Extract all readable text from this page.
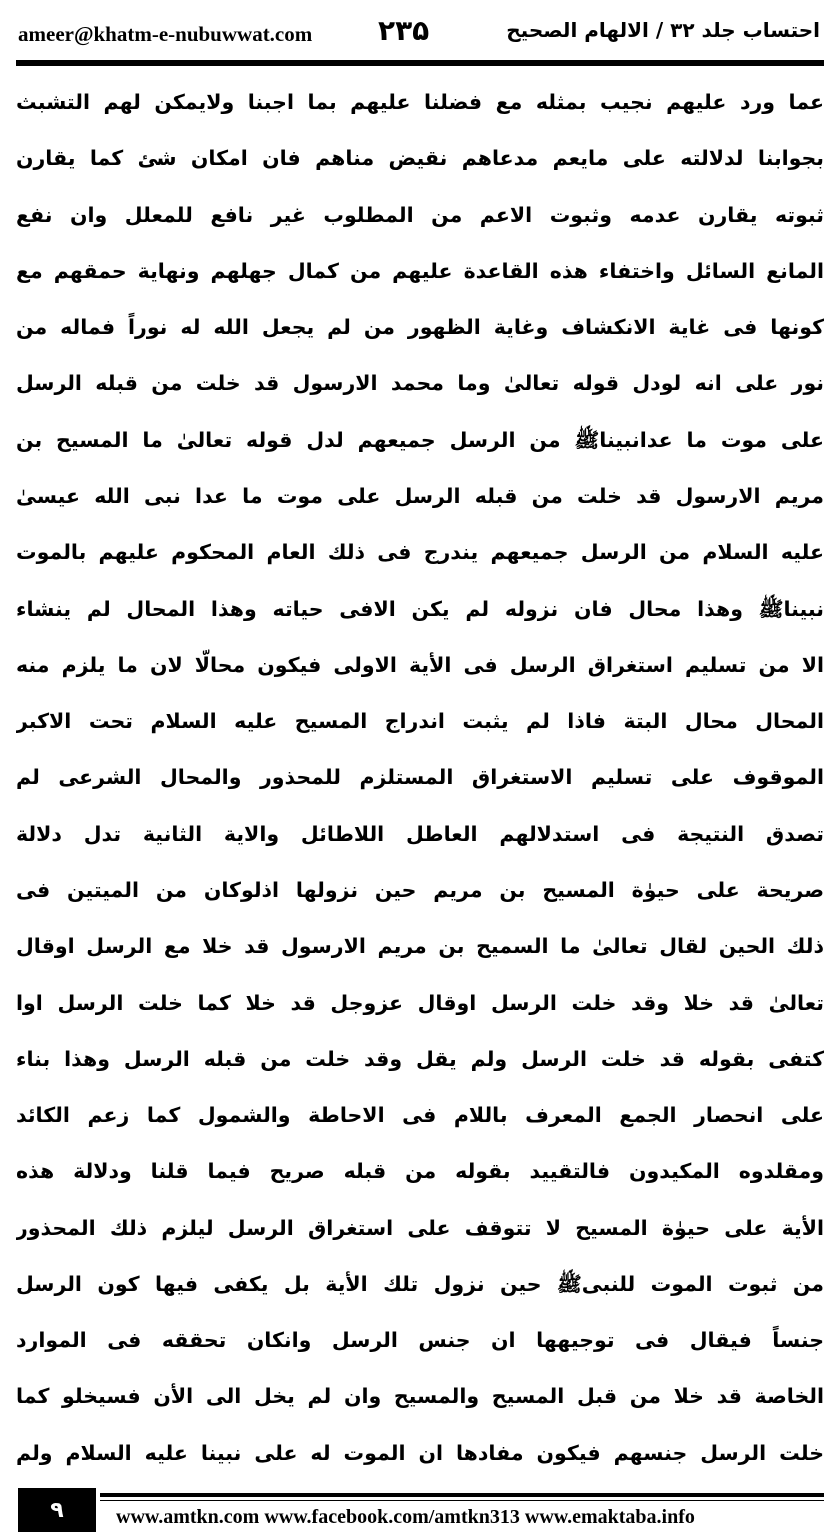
ameer@khatm-e-nubuwwat.com ۲۳۵	احتساب جلد ۳۲ / الالهام الصحیح
عما ورد عليهم نجيب بمثله مع فضلنا عليهم بما اجبنا ولايمكن لهم التشبث
بجوابنا لدلالته على مايعم مدعاهم نقيض مناهم فان امكان شئ كما يقارن
ثبوته يقارن عدمه وثبوت الاعم من المطلوب غير نافع للمعلل وان نفع
المانع السائل واختفاء هذه القاعدة عليهم من كمال جهلهم ونهاية حمقهم مع
كونها فى غاية الانكشاف وغاية الظهور من لم يجعل الله له نوراً فماله من
نور على انه لودل قوله تعالىٰ وما محمد الارسول قد خلت من قبله الرسل
على موت ما عدانبيناﷺ من الرسل جميعهم لدل قوله تعالىٰ ما المسيح بن
مريم الارسول قد خلت من قبله الرسل على موت ما عدا نبى الله عيسىٰ
عليه السلام من الرسل جميعهم يندرج فى ذلك العام المحكوم عليهم بالموت
نبيناﷺ وهذا محال فان نزوله لم يكن الافى حياته وهذا المحال لم ينشاء
الا من تسليم استغراق الرسل فى الأية الاولى فيكون محالّا لان ما يلزم منه
المحال محال البتة فاذا لم يثبت اندراج المسيح عليه السلام تحت الاكبر
الموقوف على تسليم الاستغراق المستلزم للمحذور والمحال الشرعى لم
تصدق النتيجة فى استدلالهم العاطل اللاطائل والاية الثانية تدل دلالة
صريحة على حيوٰة المسيح بن مريم حين نزولها اذلوكان من الميتين فى
ذلك الحين لقال تعالىٰ ما السميح بن مريم الارسول قد خلا مع الرسل اوقال
تعالىٰ قد خلا وقد خلت الرسل اوقال عزوجل قد خلا كما خلت الرسل اوا
كتفى بقوله قد خلت الرسل ولم يقل وقد خلت من قبله الرسل وهذا بناء
على انحصار الجمع المعرف باللام فى الاحاطة والشمول كما زعم الكائد
ومقلدوه المكيدون فالتقييد بقوله من قبله صريح فيما قلنا ودلالة هذه
الأية على حيوٰة المسيح لا تتوقف على استغراق الرسل ليلزم ذلك المحذور
من ثبوت الموت للنبىﷺ حين نزول تلك الأية بل يكفى فيها كون الرسل
جنساً فيقال فى توجيهها ان جنس الرسل وانكان تحققه فى الموارد
الخاصة قد خلا من قبل المسيح والمسيح وان لم يخل الى الأن فسيخلو كما
خلت الرسل جنسهم فيكون مفادها ان الموت له على نبينا عليه السلام ولم
٩	www.amtkn.com www.facebook.com/amtkn313 www.emaktaba.info
